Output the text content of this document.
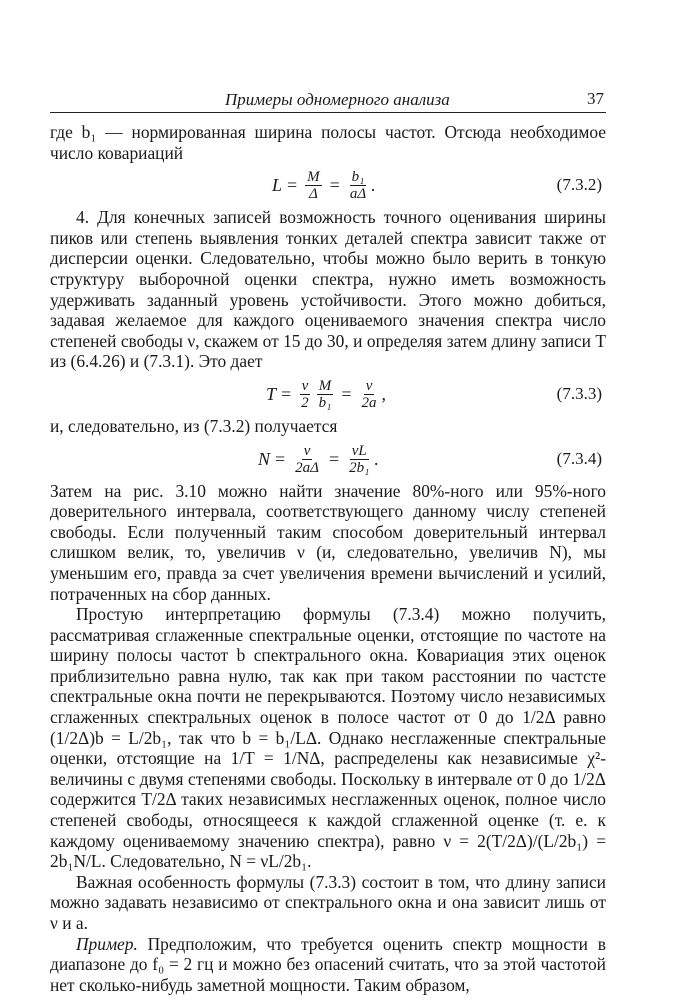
Примеры одномерного анализа	37

где b₁ — нормированная ширина полосы частот. Отсюда необходимое число ковариаций

$L = \frac{M}{\Delta} = \frac{\text{b₁}}{a\Delta}$ .	(7.3.2)

4. Для конечных записей возможность точного оценивания ширины пиков или степень выявления тонких деталей спектра зависит также от дисперсии оценки. Следовательно, чтобы можно было верить в тонкую структуру выборочной оценки спектра, нужно иметь возможность удерживать заданный уровень устойчивости. Этого можно добиться, задавая желаемое для каждого оцениваемого значения спектра число степеней свободы ν, скажем от 15 до 30, и определяя затем длину записи T из (6.4.26) и (7.3.1). Это дает

$T = \frac{\nu}{2} \frac{M}{\text{b₁}} = \frac{\nu}{2a}$ ,	(7.3.3)

и, следовательно, из (7.3.2) получается

$N = \frac{\nu}{2a\Delta} = \frac{\nu L}{\text{2b₁}}$ .	(7.3.4)

Затем на рис. 3.10 можно найти значение 80%-ного или 95%-ного доверительного интервала, соответствующего данному числу степеней свободы. Если полученный таким способом доверительный интервал слишком велик, то, увеличив ν (и, следовательно, увеличив N), мы уменьшим его, правда за счет увеличения времени вычислений и усилий, потраченных на сбор данных.

Простую интерпретацию формулы (7.3.4) можно получить, рассматривая сглаженные спектральные оценки, отстоящие по частоте на ширину полосы частот b спектрального окна. Ковариация этих оценок приблизительно равна нулю, так как при таком расстоянии по частсте спектральные окна почти не перекрываются. Поэтому число независимых сглаженных спектральных оценок в полосе частот от 0 до 1/2Δ равно (1/2Δ)b = L/2b₁, так что b = b₁/LΔ. Однако несглаженные спектральные оценки, отстоящие на 1/T = 1/NΔ, распределены как независимые χ²-величины с двумя степенями свободы. Поскольку в интервале от 0 до 1/2Δ содержится T/2Δ таких независимых несглаженных оценок, полное число степеней свободы, относящееся к каждой сглаженной оценке (т. е. к каждому оцениваемому значению спектра), равно ν = 2(T/2Δ)/(L/2b₁) = 2b₁N/L. Следовательно, N = νL/2b₁.

Важная особенность формулы (7.3.3) состоит в том, что длину записи можно задавать независимо от спектрального окна и она зависит лишь от ν и a.

Пример. Предположим, что требуется оценить спектр мощности в диапазоне до f₀ = 2 гц и можно без опасений считать, что за этой частотой нет сколько-нибудь заметной мощности. Таким образом,
